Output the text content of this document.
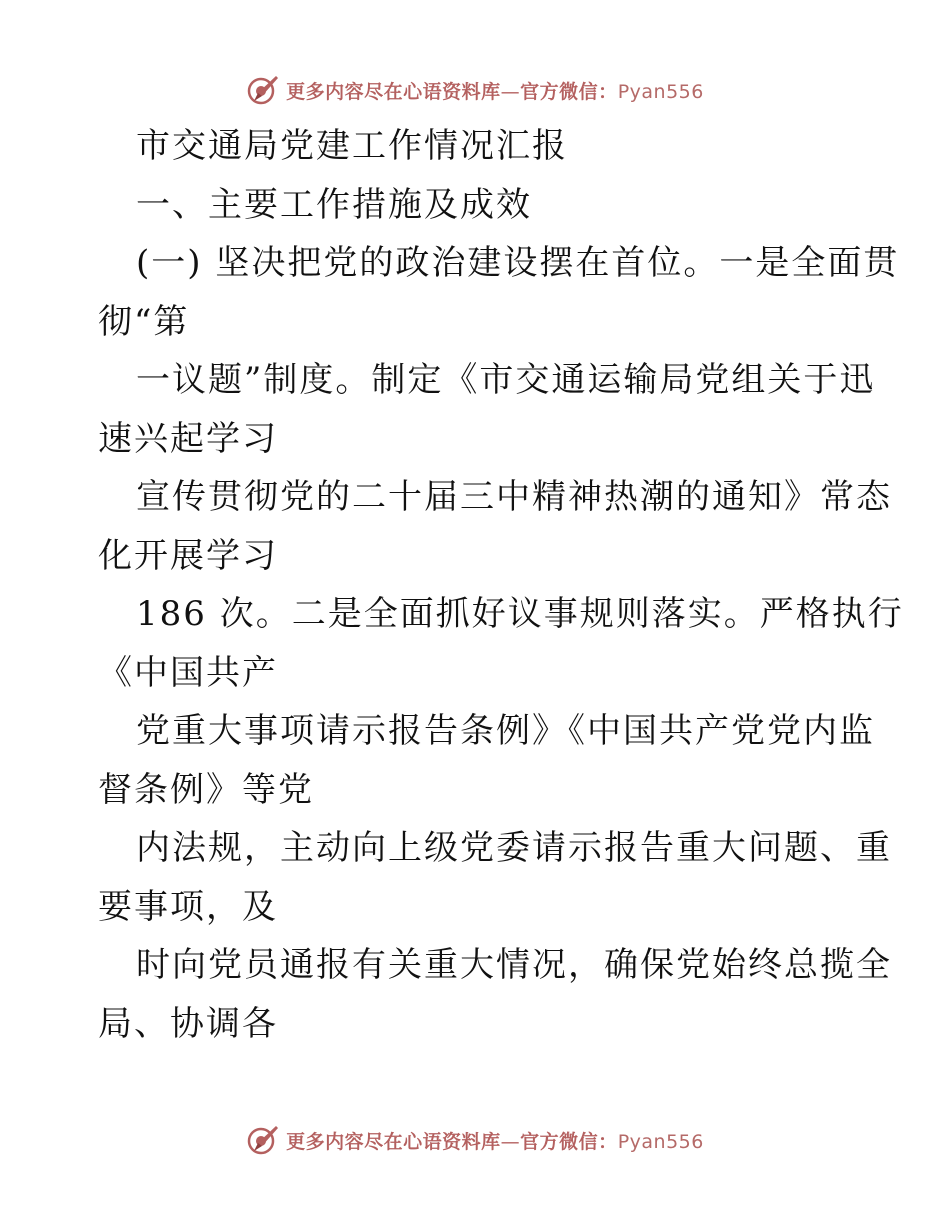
更多内容尽在心语资料库—官方微信：Pyan556
市交通局党建工作情况汇报
一、主要工作措施及成效
(一) 坚决把党的政治建设摆在首位。一是全面贯
彻“第
一议题”制度。制定《市交通运输局党组关于迅
速兴起学习
宣传贯彻党的二十届三中精神热潮的通知》常态
化开展学习
186 次。二是全面抓好议事规则落实。严格执行
《中国共产
党重大事项请示报告条例》《中国共产党党内监
督条例》等党
内法规，主动向上级党委请示报告重大问题、重
要事项，及
时向党员通报有关重大情况，确保党始终总揽全
局、协调各
更多内容尽在心语资料库—官方微信：Pyan556
